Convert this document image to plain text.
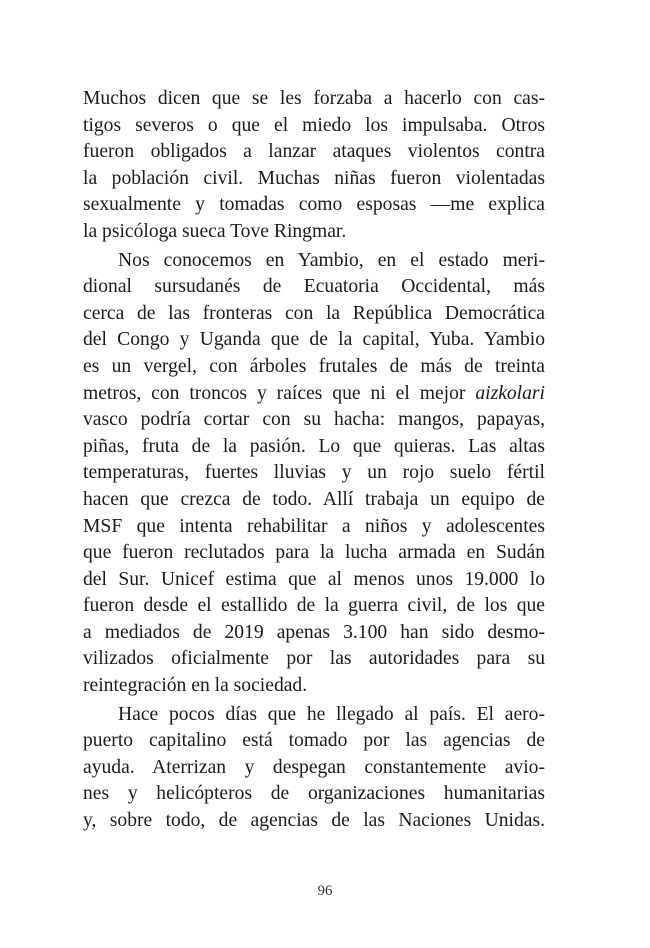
Muchos dicen que se les forzaba a hacerlo con cas-
tigos severos o que el miedo los impulsaba. Otros
fueron obligados a lanzar ataques violentos contra
la población civil. Muchas niñas fueron violentadas
sexualmente y tomadas como esposas —me explica
la psicóloga sueca Tove Ringmar.
Nos conocemos en Yambio, en el estado meri-
dional sursudanés de Ecuatoria Occidental, más
cerca de las fronteras con la República Democrática
del Congo y Uganda que de la capital, Yuba. Yambio
es un vergel, con árboles frutales de más de treinta
metros, con troncos y raíces que ni el mejor aizkolari
vasco podría cortar con su hacha: mangos, papayas,
piñas, fruta de la pasión. Lo que quieras. Las altas
temperaturas, fuertes lluvias y un rojo suelo fértil
hacen que crezca de todo. Allí trabaja un equipo de
MSF que intenta rehabilitar a niños y adolescentes
que fueron reclutados para la lucha armada en Sudán
del Sur. Unicef estima que al menos unos 19.000 lo
fueron desde el estallido de la guerra civil, de los que
a mediados de 2019 apenas 3.100 han sido desmo-
vilizados oficialmente por las autoridades para su
reintegración en la sociedad.
Hace pocos días que he llegado al país. El aero-
puerto capitalino está tomado por las agencias de
ayuda. Aterrizan y despegan constantemente avio-
nes y helicópteros de organizaciones humanitarias
y, sobre todo, de agencias de las Naciones Unidas.
96
